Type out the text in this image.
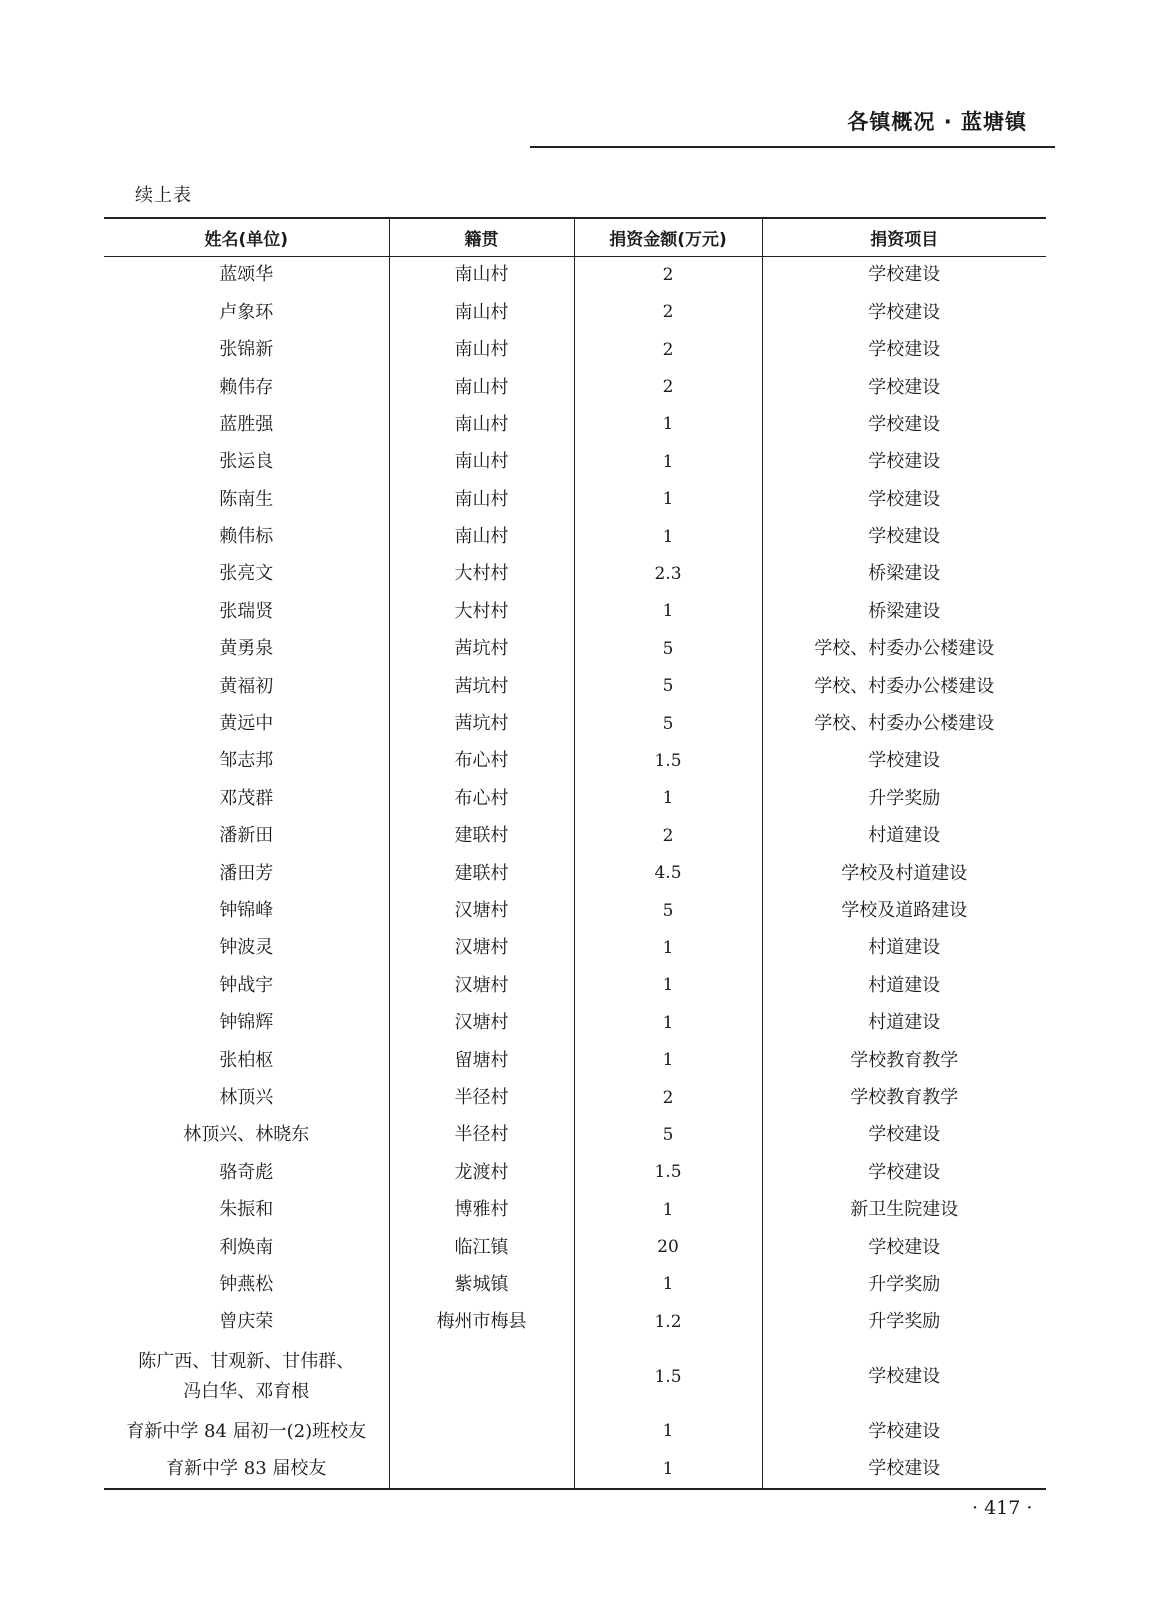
各镇概况 · 蓝塘镇
续上表
姓名(单位)	籍贯	捐资金额(万元)	捐资项目
蓝颂华	南山村	2	学校建设
卢象环	南山村	2	学校建设
张锦新	南山村	2	学校建设
赖伟存	南山村	2	学校建设
蓝胜强	南山村	1	学校建设
张运良	南山村	1	学校建设
陈南生	南山村	1	学校建设
赖伟标	南山村	1	学校建设
张亮文	大村村	2.3	桥梁建设
张瑞贤	大村村	1	桥梁建设
黄勇泉	茜坑村	5	学校、村委办公楼建设
黄福初	茜坑村	5	学校、村委办公楼建设
黄远中	茜坑村	5	学校、村委办公楼建设
邹志邦	布心村	1.5	学校建设
邓茂群	布心村	1	升学奖励
潘新田	建联村	2	村道建设
潘田芳	建联村	4.5	学校及村道建设
钟锦峰	汉塘村	5	学校及道路建设
钟波灵	汉塘村	1	村道建设
钟战宇	汉塘村	1	村道建设
钟锦辉	汉塘村	1	村道建设
张柏枢	留塘村	1	学校教育教学
林顶兴	半径村	2	学校教育教学
林顶兴、林晓东	半径村	5	学校建设
骆奇彪	龙渡村	1.5	学校建设
朱振和	博雅村	1	新卫生院建设
利焕南	临江镇	20	学校建设
钟燕松	紫城镇	1	升学奖励
曾庆荣	梅州市梅县	1.2	升学奖励

陈广西、甘观新、甘伟群、
冯白华、邓育根		1.5	学校建设
育新中学 84 届初一(2)班校友		1	学校建设
育新中学 83 届校友		1	学校建设
· 417 ·
